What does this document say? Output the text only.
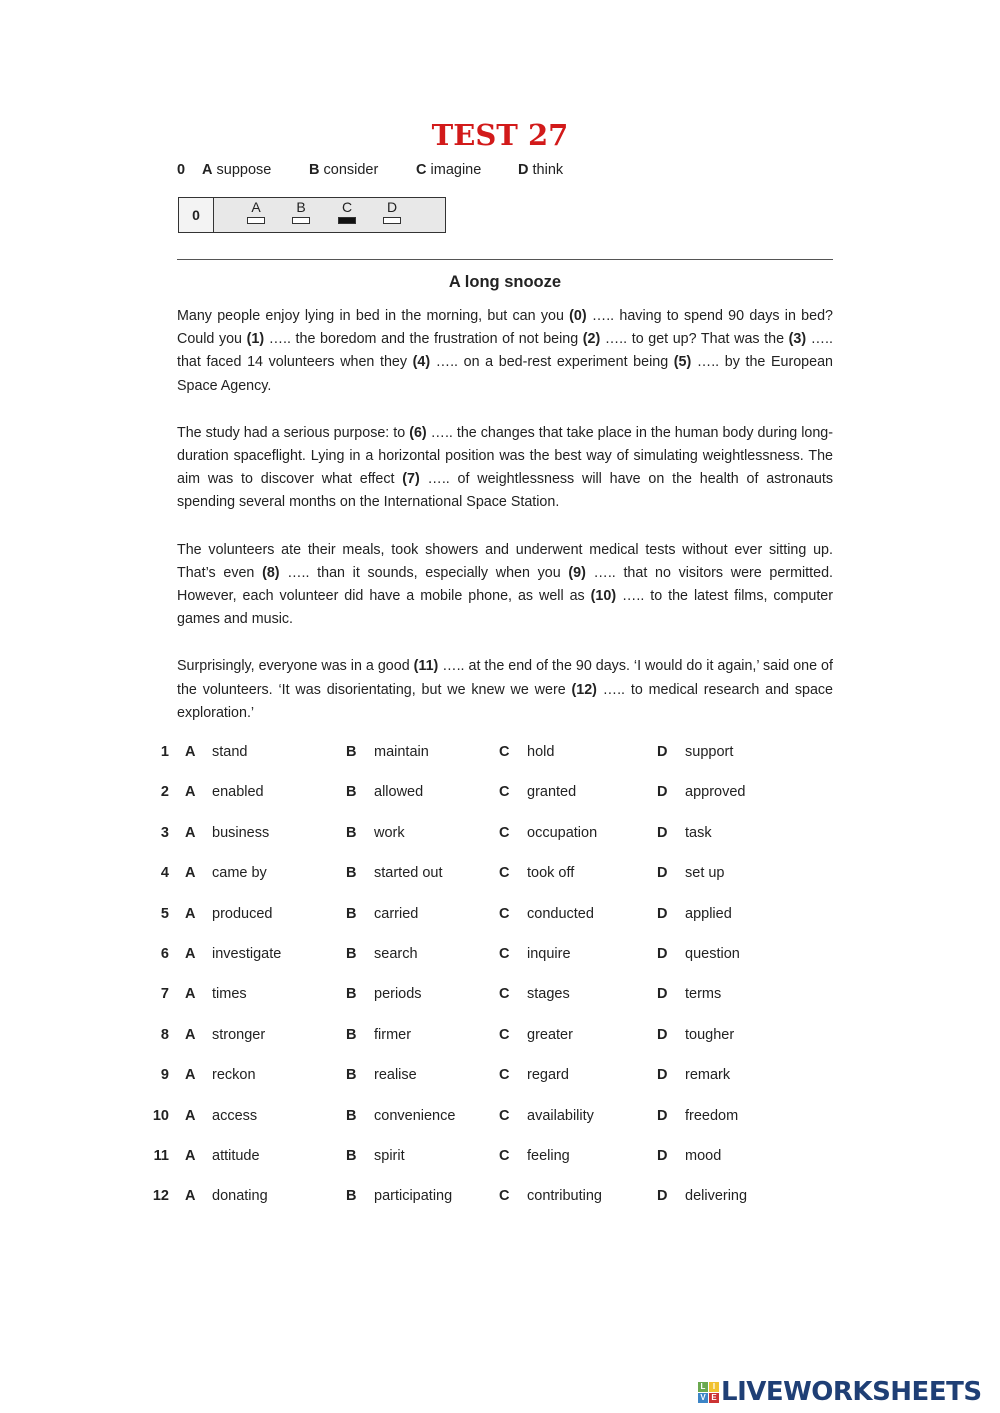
TEST 27
0 A suppose	B consider	C imagine	D think
0	A	B	C	D
A long snooze

Many people enjoy lying in bed in the morning, but can you (0) ….. having to spend 90 days in bed? Could you (1) ….. the boredom and the frustration of not being (2) ….. to get up? That was the (3) ….. that faced 14 volunteers when they (4) ….. on a bed-rest experiment being (5) ….. by the European Space Agency.

The study had a serious purpose: to (6) ….. the changes that take place in the human body during long-duration spaceflight. Lying in a horizontal position was the best way of simulating weightlessness. The aim was to discover what effect (7) ….. of weightlessness will have on the health of astronauts spending several months on the International Space Station.

The volunteers ate their meals, took showers and underwent medical tests without ever sitting up. That’s even (8) ….. than it sounds, especially when you (9) ….. that no visitors were permitted. However, each volunteer did have a mobile phone, as well as (10) ….. to the latest films, computer games and music.

Surprisingly, everyone was in a good (11) ….. at the end of the 90 days. ‘I would do it again,’ said one of the volunteers. ‘It was disorientating, but we knew we were (12) ….. to medical research and space exploration.’

1 A stand	B maintain	C hold	D support
2 A enabled	B allowed	C granted	D approved
3 A business	B work	C occupation	D task
4 A came by	B started out	C took off	D set up
5 A produced	B carried	C conducted	D applied
6 A investigate	B search	C inquire	D question
7 A times	B periods	C stages	D terms
8 A stronger	B firmer	C greater	D tougher
9 A reckon	B realise	C regard	D remark
10 A access	B convenience	C availability	D freedom
11 A attitude	B spirit	C feeling	D mood
12 A donating	B participating	C contributing	D delivering
L I
V E LIVEWORKSHEETS
